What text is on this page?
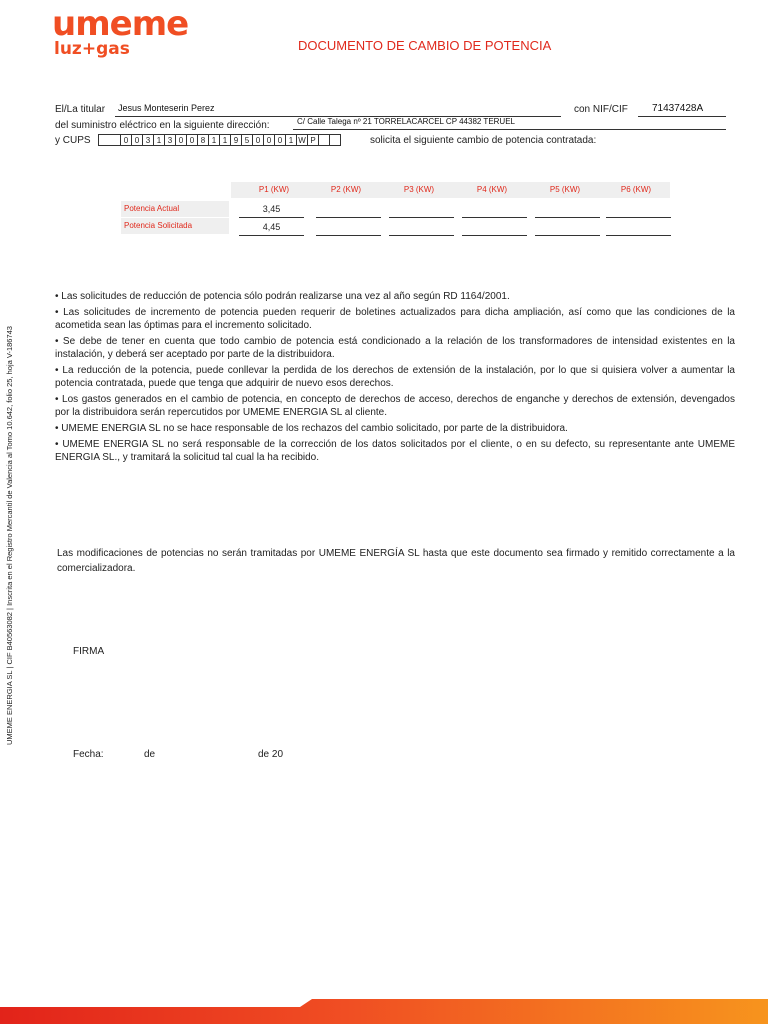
umeme
luz+gas	DOCUMENTO DE CAMBIO DE POTENCIA
El/La titular Jesus Monteserin Perez	con NIF/CIF 71437428A
del suministro eléctrico en la siguiente dirección:	C/ Calle Talega nº 21 TORRELACARCEL CP 44382 TERUEL
y CUPS	0 0 3 1 3 0 0 8 1 1 9 5 0 0 0 1 W P	solicita el siguiente cambio de potencia contratada:
P1 (KW)	P2 (KW)	P3 (KW)	P4 (KW)	P5 (KW)	P6 (KW)
Potencia Actual	3,45
Potencia Solicitada	4,45
• Las solicitudes de reducción de potencia sólo podrán realizarse una vez al año según RD 1164/2001.
• Las solicitudes de incremento de potencia pueden requerir de boletines actualizados para dicha ampliación, así como que las condiciones de la acometida sean las óptimas para el incremento solicitado.
• Se debe de tener en cuenta que todo cambio de potencia está condicionado a la relación de los transformadores de intensidad existentes en la instalación, y deberá ser aceptado por parte de la distribuidora.
• La reducción de la potencia, puede conllevar la perdida de los derechos de extensión de la instalación, por lo que si quisiera volver a aumentar la potencia contratada, puede que tenga que adquirir de nuevo esos derechos.
• Los gastos generados en el cambio de potencia, en concepto de derechos de acceso, derechos de enganche y derechos de extensión, devengados por la distribuidora serán repercutidos por UMEME ENERGIA SL al cliente.
• UMEME ENERGIA SL no se hace responsable de los rechazos del cambio solicitado, por parte de la distribuidora.
• UMEME ENERGIA SL no será responsable de la corrección de los datos solicitados por el cliente, o en su defecto, su representante ante UMEME ENERGIA SL., y tramitará la solicitud tal cual la ha recibido.
Las modificaciones de potencias no serán tramitadas por UMEME ENERGÍA SL hasta que este documento sea firmado y remitido correctamente a la comercializadora.
FIRMA
Fecha:	de	de 20
UMEME ENERGIA SL | CIF B40563082 | Inscrita en el Registro Mercantil de Valencia al Tomo 10.642, folio 25, hoja V-186743
